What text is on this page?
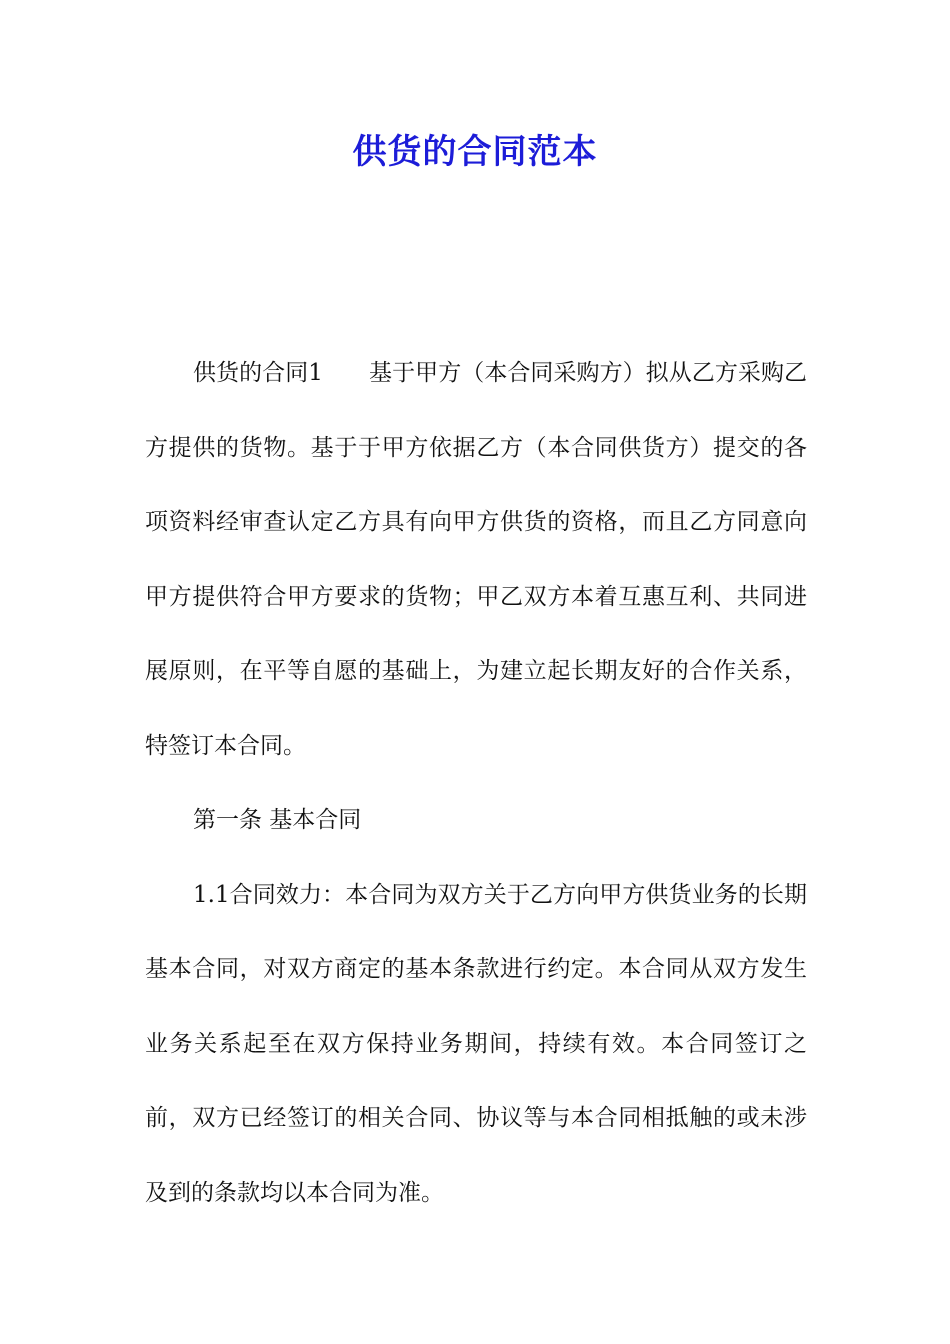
供货的合同范本

供货的合同1　　基于甲方（本合同采购方）拟从乙方采购乙方提供的货物。基于于甲方依据乙方（本合同供货方）提交的各项资料经审查认定乙方具有向甲方供货的资格，而且乙方同意向甲方提供符合甲方要求的货物；甲乙双方本着互惠互利、共同进展原则，在平等自愿的基础上，为建立起长期友好的合作关系，特签订本合同。

第一条 基本合同

1.1合同效力：本合同为双方关于乙方向甲方供货业务的长期基本合同，对双方商定的基本条款进行约定。本合同从双方发生业务关系起至在双方保持业务期间，持续有效。本合同签订之前，双方已经签订的相关合同、协议等与本合同相抵触的或未涉及到的条款均以本合同为准。
